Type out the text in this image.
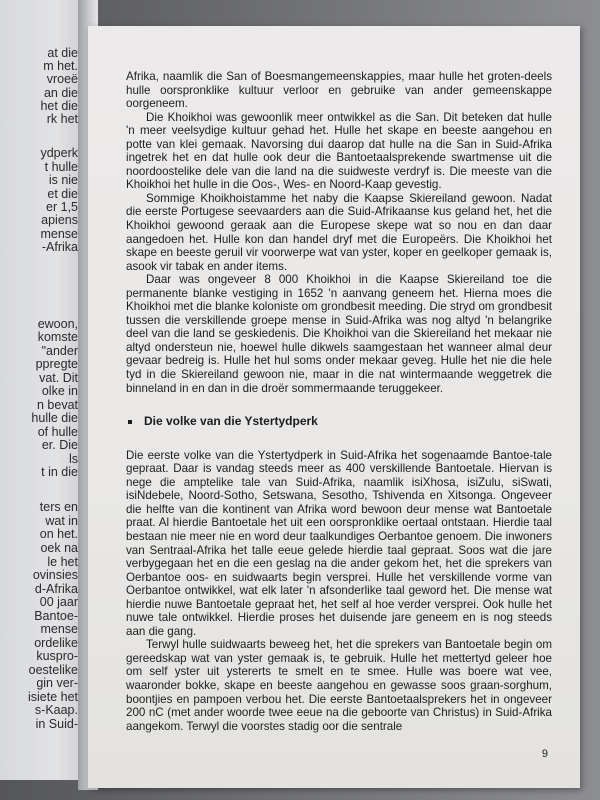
at die
m het.
vroeë
an die
het die
rk het
ydperk
t hulle
is nie
et die
er 1,5
apiens
mense
-Afrika
ewoon,
komste
"ander
ppregte
vat. Dit
olke in
n bevat
hulle die
of hulle
er. Die
ls
t in die
ters en
wat in
on het.
oek na
le het
ovinsies
d-Afrika
00 jaar
Bantoe-
mense
ordelike
kuspro-
oestelike
gin ver-
isiete het
s-Kaap.
in Suid-

Afrika, naamlik die San of Boesmangemeenskappies, maar hulle het groten-deels hulle oorspronklike kultuur verloor en gebruike van ander gemeenskappe oorgeneem.

Die Khoikhoi was gewoonlik meer ontwikkel as die San. Dit beteken dat hulle 'n meer veelsydige kultuur gehad het. Hulle het skape en beeste aangehou en potte van klei gemaak. Navorsing dui daarop dat hulle na die San in Suid-Afrika ingetrek het en dat hulle ook deur die Bantoetaalsprekende swartmense uit die noordoostelike dele van die land na die suidweste verdryf is. Die meeste van die Khoikhoi het hulle in die Oos-, Wes- en Noord-Kaap gevestig.

Sommige Khoikhoistamme het naby die Kaapse Skiereiland gewoon. Nadat die eerste Portugese seevaarders aan die Suid-Afrikaanse kus geland het, het die Khoikhoi gewoond geraak aan die Europese skepe wat so nou en dan daar aangedoen het. Hulle kon dan handel dryf met die Europeërs. Die Khoikhoi het skape en beeste geruil vir voorwerpe wat van yster, koper en geelkoper gemaak is, asook vir tabak en ander items.

Daar was ongeveer 8 000 Khoikhoi in die Kaapse Skiereiland toe die permanente blanke vestiging in 1652 'n aanvang geneem het. Hierna moes die Khoikhoi met die blanke koloniste om grondbesit meeding. Die stryd om grondbesit tussen die verskillende groepe mense in Suid-Afrika was nog altyd 'n belangrike deel van die land se geskiedenis. Die Khoikhoi van die Skiereiland het mekaar nie altyd ondersteun nie, hoewel hulle dikwels saamgestaan het wanneer almal deur gevaar bedreig is. Hulle het hul soms onder mekaar geveg. Hulle het nie die hele tyd in die Skiereiland gewoon nie, maar in die nat wintermaande weggetrek die binneland in en dan in die droër sommermaande teruggekeer.

Die volke van die Ystertydperk

Die eerste volke van die Ystertydperk in Suid-Afrika het sogenaamde Bantoe-tale gepraat. Daar is vandag steeds meer as 400 verskillende Bantoetale. Hiervan is nege die amptelike tale van Suid-Afrika, naamlik isiXhosa, isiZulu, siSwati, isiNdebele, Noord-Sotho, Setswana, Sesotho, Tshivenda en Xitsonga. Ongeveer die helfte van die kontinent van Afrika word bewoon deur mense wat Bantoetale praat. Al hierdie Bantoetale het uit een oorspronklike oertaal ontstaan. Hierdie taal bestaan nie meer nie en word deur taalkundiges Oerbantoe genoem. Die inwoners van Sentraal-Afrika het talle eeue gelede hierdie taal gepraat. Soos wat die jare verbygegaan het en die een geslag na die ander gekom het, het die sprekers van Oerbantoe oos- en suidwaarts begin versprei. Hulle het verskillende vorme van Oerbantoe ontwikkel, wat elk later 'n afsonderlike taal geword het. Die mense wat hierdie nuwe Bantoetale gepraat het, het self al hoe verder versprei. Ook hulle het nuwe tale ontwikkel. Hierdie proses het duisende jare geneem en is nog steeds aan die gang.

Terwyl hulle suidwaarts beweeg het, het die sprekers van Bantoetale begin om gereedskap wat van yster gemaak is, te gebruik. Hulle het mettertyd geleer hoe om self yster uit ystererts te smelt en te smee. Hulle was boere wat vee, waaronder bokke, skape en beeste aangehou en gewasse soos graan-sorghum, boontjies en pampoen verbou het. Die eerste Bantoetaalsprekers het in ongeveer 200 nC (met ander woorde twee eeue na die geboorte van Christus) in Suid-Afrika aangekom. Terwyl die voorstes stadig oor die sentrale

9
